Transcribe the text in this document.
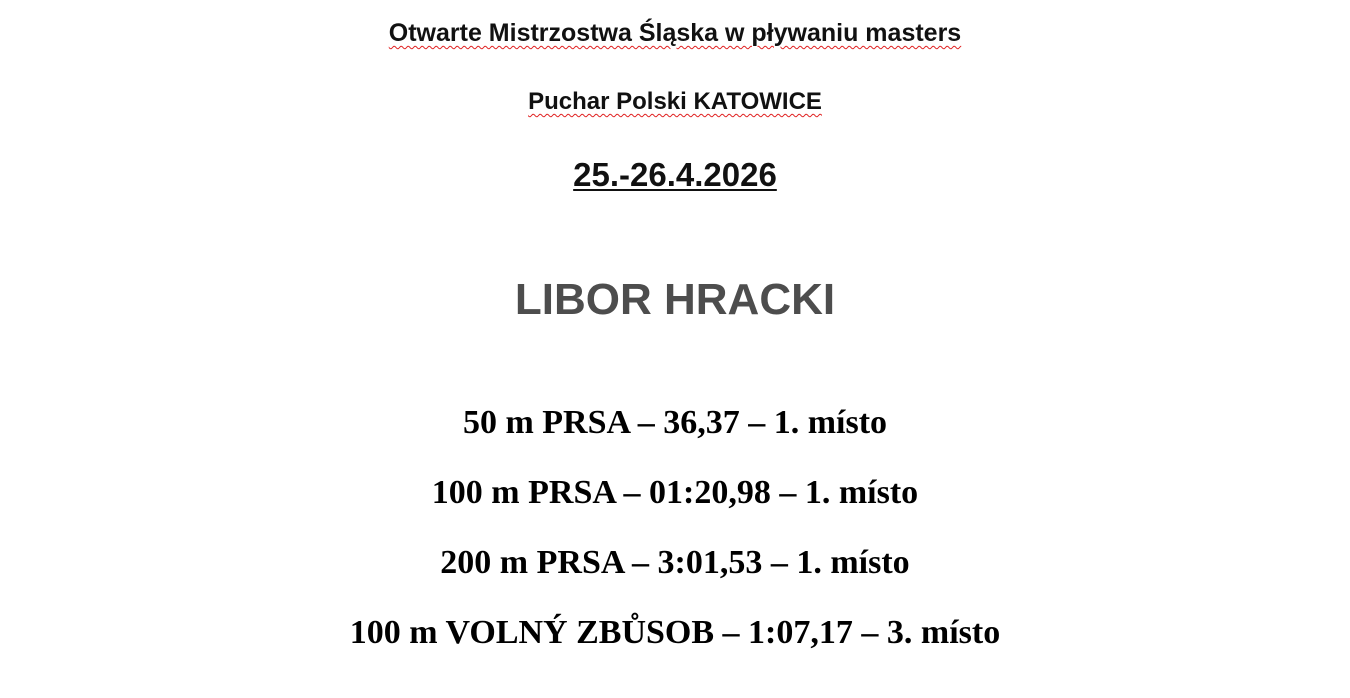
Otwarte Mistrzostwa Śląska w pływaniu masters
Puchar Polski KATOWICE
25.-26.4.2026
LIBOR HRACKI
50 m PRSA – 36,37 – 1. místo
100 m PRSA – 01:20,98 – 1. místo
200 m PRSA – 3:01,53 – 1. místo
100 m VOLNÝ ZBŮSOB – 1:07,17 – 3. místo
